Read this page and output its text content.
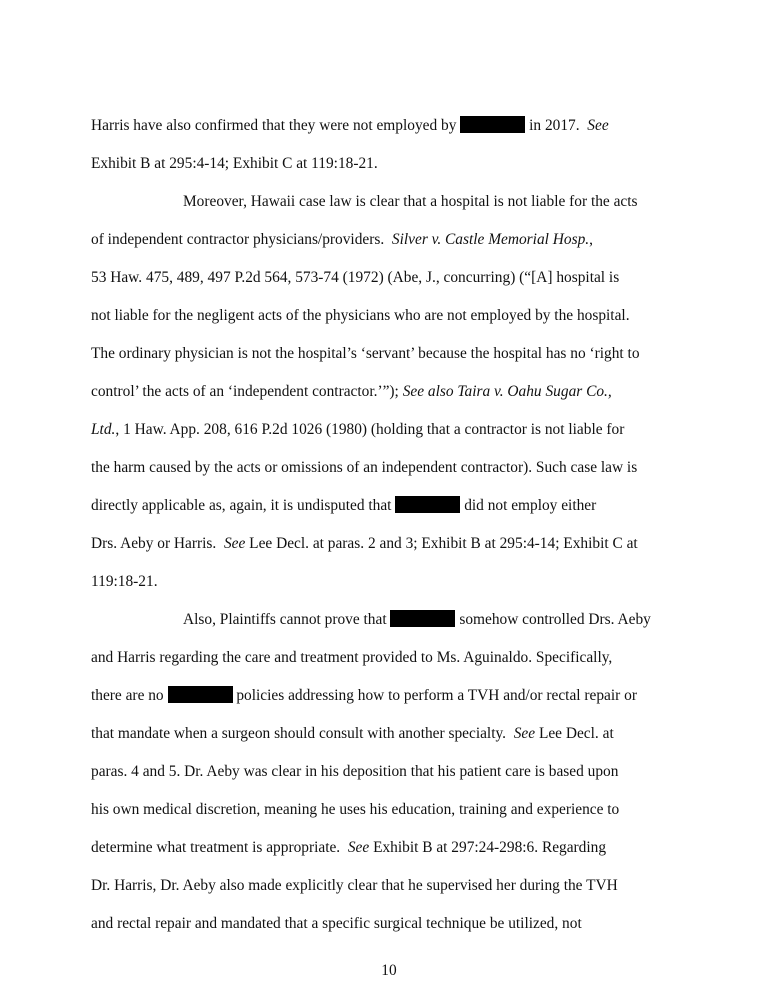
Harris have also confirmed that they were not employed by	in 2017. See
Exhibit B at 295:4-14; Exhibit C at 119:18-21.
Moreover, Hawaii case law is clear that a hospital is not liable for the acts
of independent contractor physicians/providers. Silver v. Castle Memorial Hosp.,
53 Haw. 475, 489, 497 P.2d 564, 573-74 (1972) (Abe, J., concurring) (“[A] hospital is
not liable for the negligent acts of the physicians who are not employed by the hospital.
The ordinary physician is not the hospital’s ‘servant’ because the hospital has no ‘right to
control’ the acts of an ‘independent contractor.’”); See also Taira v. Oahu Sugar Co.,
Ltd., 1 Haw. App. 208, 616 P.2d 1026 (1980) (holding that a contractor is not liable for
the harm caused by the acts or omissions of an independent contractor). Such case law is
directly applicable as, again, it is undisputed that	did not employ either
Drs. Aeby or Harris. See Lee Decl. at paras. 2 and 3; Exhibit B at 295:4-14; Exhibit C at
119:18-21.
Also, Plaintiffs cannot prove that	somehow controlled Drs. Aeby
and Harris regarding the care and treatment provided to Ms. Aguinaldo. Specifically,
there are no	policies addressing how to perform a TVH and/or rectal repair or
that mandate when a surgeon should consult with another specialty. See Lee Decl. at
paras. 4 and 5. Dr. Aeby was clear in his deposition that his patient care is based upon
his own medical discretion, meaning he uses his education, training and experience to
determine what treatment is appropriate. See Exhibit B at 297:24-298:6. Regarding
Dr. Harris, Dr. Aeby also made explicitly clear that he supervised her during the TVH
and rectal repair and mandated that a specific surgical technique be utilized, not
10
